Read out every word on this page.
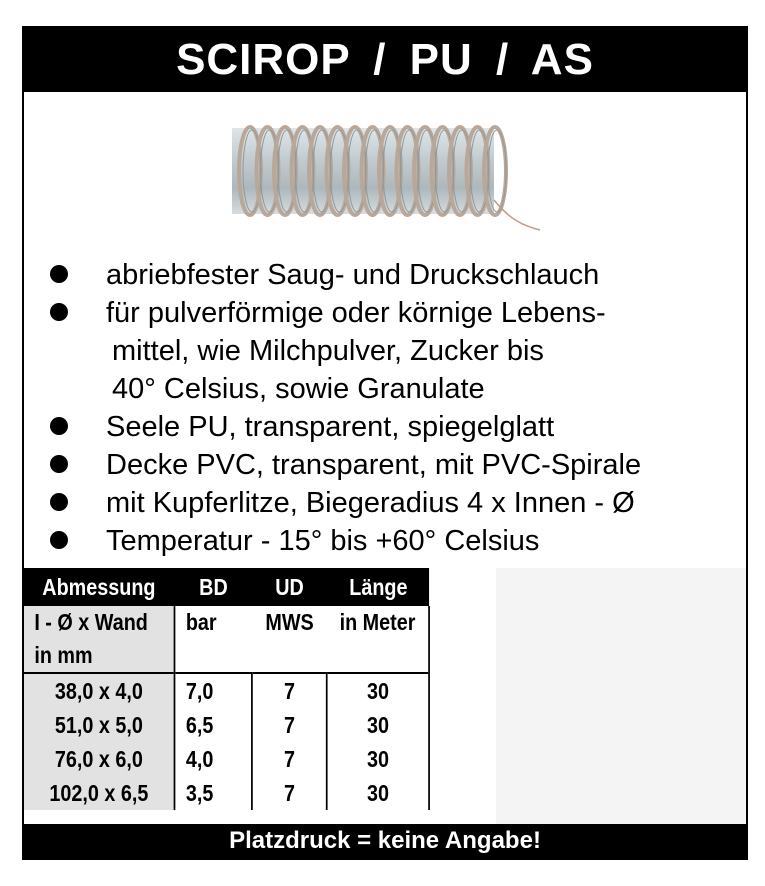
SCIROP / PU / AS
abriebfester Saug- und Druckschlauch
für pulverförmige oder körnige Lebens-
mittel, wie Milchpulver, Zucker bis
40° Celsius, sowie Granulate
Seele PU, transparent, spiegelglatt
Decke PVC, transparent, mit PVC-Spirale
mit Kupferlitze, Biegeradius 4 x Innen - Ø
Temperatur - 15° bis +60° Celsius
Abmessung	BD	UD	Länge
I - Ø x Wand	bar	MWS	in Meter
in mm			
38,0 x 4,0	7,0	7	30
51,0 x 5,0	6,5	7	30
76,0 x 6,0	4,0	7	30
102,0 x 6,5	3,5	7	30
Platzdruck = keine Angabe!
